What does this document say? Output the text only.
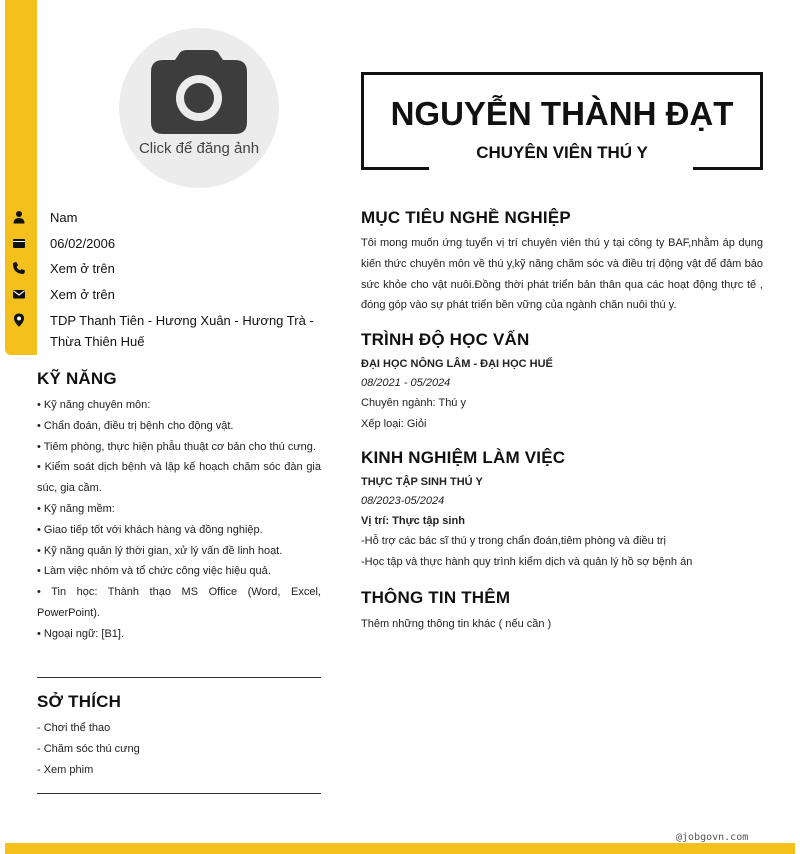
Click để đăng ảnh
Nam
06/02/2006
Xem ở trên
Xem ở trên
TDP Thanh Tiên - Hương Xuân - Hương Trà - Thừa Thiên Huế
KỸ NĂNG

• Kỹ năng chuyên môn:

• Chẩn đoán, điều trị bệnh cho động vật.

• Tiêm phòng, thực hiện phẫu thuật cơ bản cho thú cưng.

• Kiểm soát dịch bệnh và lập kế hoạch chăm sóc đàn gia súc, gia cầm.

• Kỹ năng mềm:

• Giao tiếp tốt với khách hàng và đồng nghiệp.

• Kỹ năng quản lý thời gian, xử lý vấn đề linh hoạt.

• Làm việc nhóm và tổ chức công việc hiệu quả.

• Tin học: Thành thạo MS Office (Word, Excel, PowerPoint).

• Ngoại ngữ: [B1].

SỞ THÍCH

- Chơi thể thao

- Chăm sóc thú cưng

- Xem phim

NGUYỄN THÀNH ĐẠT
CHUYÊN VIÊN THÚ Y
MỤC TIÊU NGHỀ NGHIỆP

Tôi mong muốn ứng tuyển vị trí chuyên viên thú y tại công ty BAF,nhằm áp dụng kiến thức chuyên môn về thú y,kỹ năng chăm sóc và điều trị động vật để đảm bảo sức khỏe cho vật nuôi.Đồng thời phát triển bản thân qua các hoạt động thực tế , đóng góp vào sự phát triển bền vững của ngành chăn nuôi thú y.

TRÌNH ĐỘ HỌC VẤN

ĐẠI HỌC NÔNG LÂM - ĐẠI HỌC HUẾ

08/2021 - 05/2024

Chuyên ngành: Thú y

Xếp loại: Giỏi

KINH NGHIỆM LÀM VIỆC

THỰC TẬP SINH THÚ Y

08/2023-05/2024

Vị trí: Thực tập sinh

-Hỗ trợ các bác sĩ thú y trong chẩn đoán,tiêm phòng và điều trị

-Học tập và thực hành quy trình kiểm dịch và quản lý hồ sợ bệnh án

THÔNG TIN THÊM

Thêm những thông tin khác ( nếu cần )

@jobgovn.com
